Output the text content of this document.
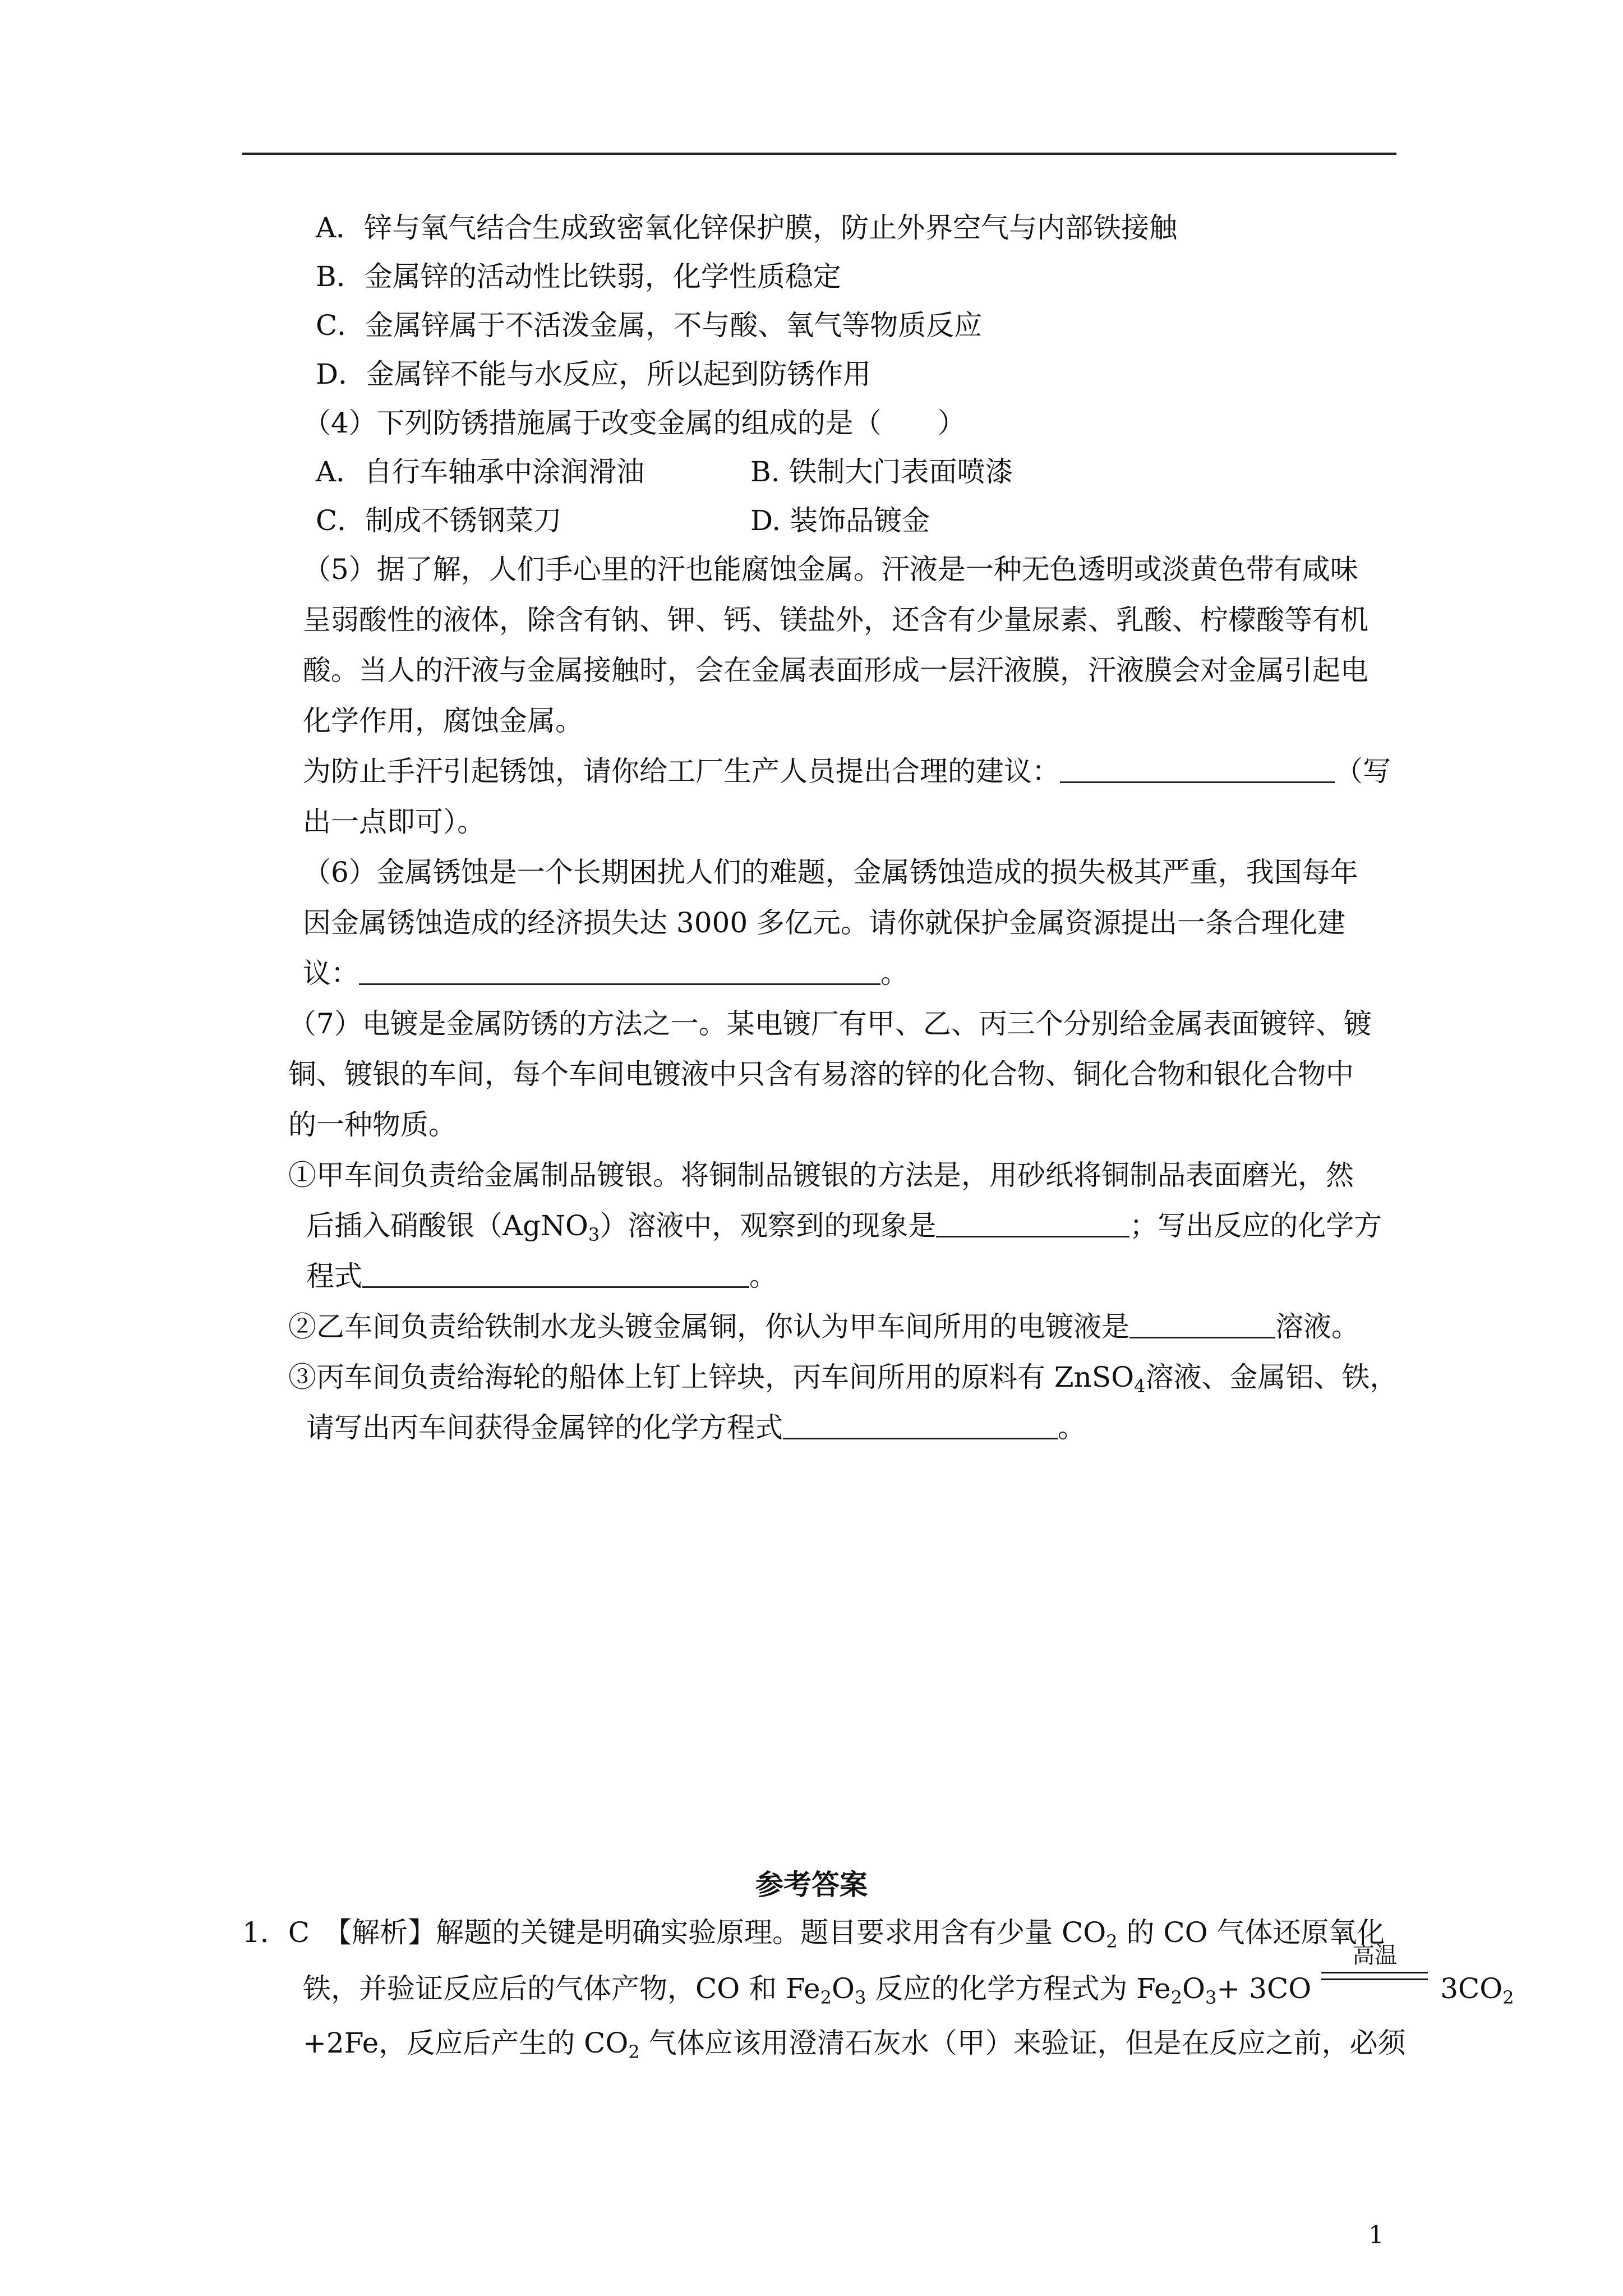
A．锌与氧气结合生成致密氧化锌保护膜，防止外界空气与内部铁接触
B．金属锌的活动性比铁弱，化学性质稳定
C．金属锌属于不活泼金属，不与酸、氧气等物质反应
D．金属锌不能与水反应，所以起到防锈作用
（4）下列防锈措施属于改变金属的组成的是（　　）
A．自行车轴承中涂润滑油	B. 铁制大门表面喷漆
C．制成不锈钢菜刀	D. 装饰品镀金
（5）据了解，人们手心里的汗也能腐蚀金属。汗液是一种无色透明或淡黄色带有咸味
呈弱酸性的液体，除含有钠、钾、钙、镁盐外，还含有少量尿素、乳酸、柠檬酸等有机
酸。当人的汗液与金属接触时，会在金属表面形成一层汗液膜，汗液膜会对金属引起电
化学作用，腐蚀金属。
为防止手汗引起锈蚀，请你给工厂生产人员提出合理的建议：	（写
出一点即可）。
（6）金属锈蚀是一个长期困扰人们的难题，金属锈蚀造成的损失极其严重，我国每年
因金属锈蚀造成的经济损失达 3000 多亿元。请你就保护金属资源提出一条合理化建
议：	。
（7）电镀是金属防锈的方法之一。某电镀厂有甲、乙、丙三个分别给金属表面镀锌、镀
铜、镀银的车间，每个车间电镀液中只含有易溶的锌的化合物、铜化合物和银化合物中
的一种物质。
①甲车间负责给金属制品镀银。将铜制品镀银的方法是，用砂纸将铜制品表面磨光，然
后插入硝酸银（AgNO$_3$）溶液中，观察到的现象是	；写出反应的化学方
程式	。
②乙车间负责给铁制水龙头镀金属铜，你认为甲车间所用的电镀液是	溶液。
③丙车间负责给海轮的船体上钉上锌块，丙车间所用的原料有 ZnSO$_4$溶液、金属铝、铁，
请写出丙车间获得金属锌的化学方程式	。
参考答案
1．C　【解析】解题的关键是明确实验原理。题目要求用含有少量 $CO_2$ 的 CO 气体还原氧化
铁，并验证反应后的气体产物，CO 和 $Fe_2O_3$ 反应的化学方程式为 $Fe_2O_3+ 3CO$
高温
$3CO_2$
+2Fe，反应后产生的 $CO_2$ 气体应该用澄清石灰水（甲）来验证，但是在反应之前，必须
1
